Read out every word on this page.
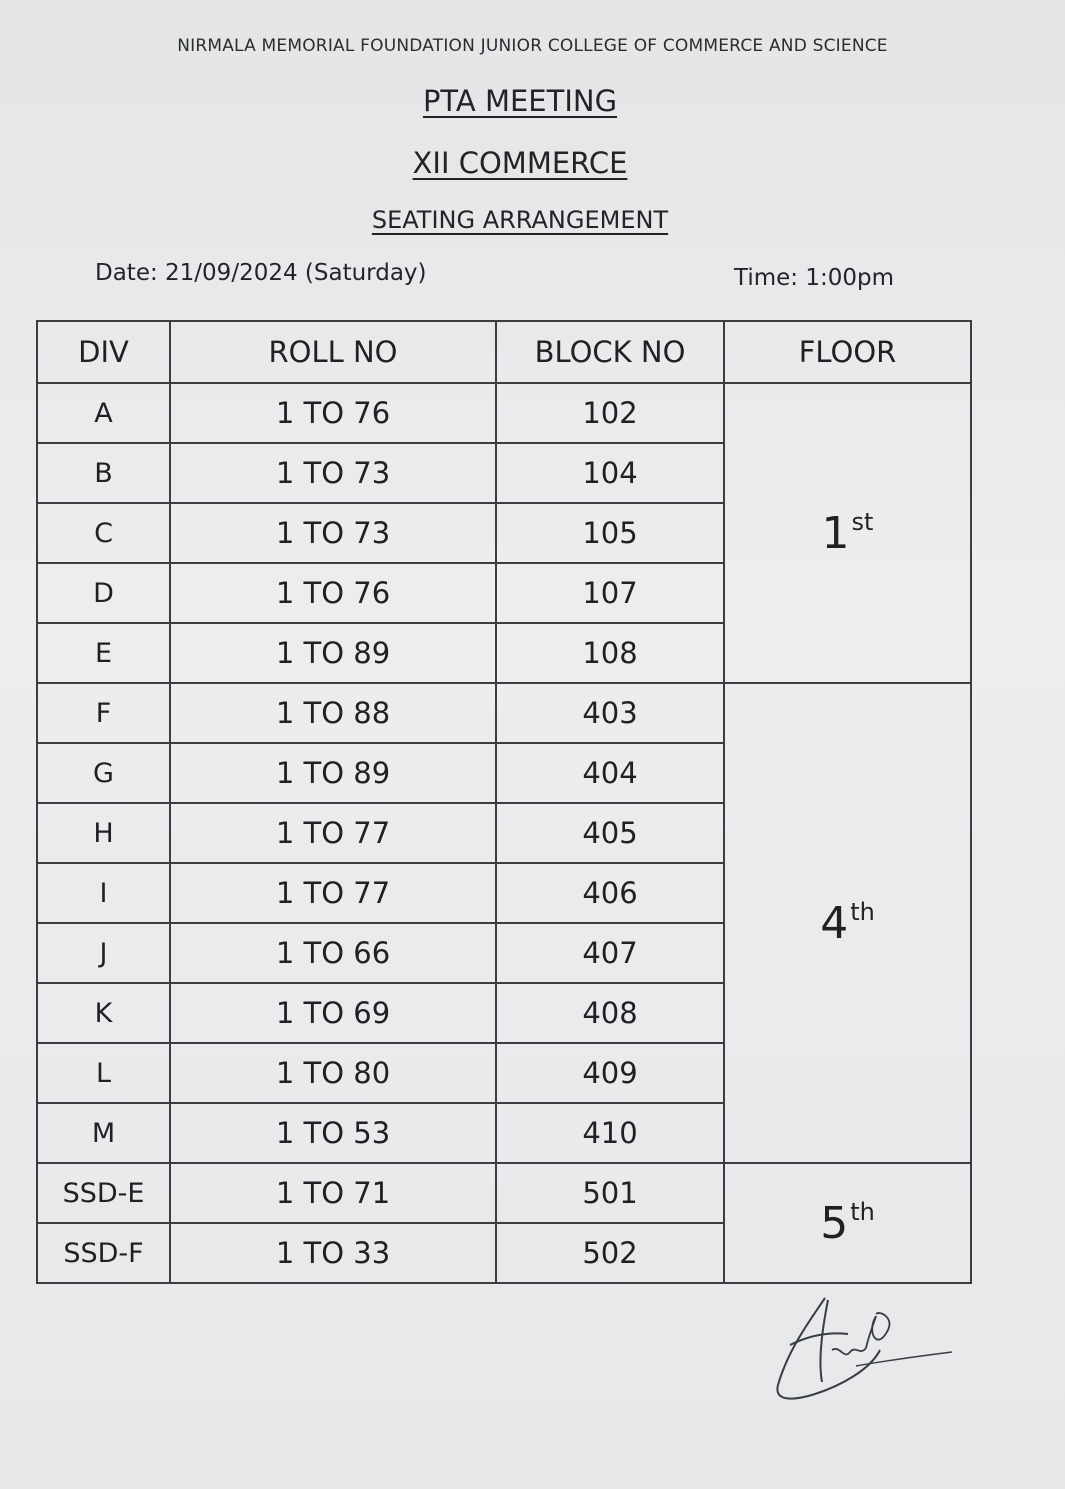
NIRMALA MEMORIAL FOUNDATION JUNIOR COLLEGE OF COMMERCE AND SCIENCE
PTA MEETING
XII COMMERCE
SEATING ARRANGEMENT
Date: 21/09/2024 (Saturday)	Time: 1:00pm
DIV	ROLL NO	BLOCK NO	FLOOR
A	1 TO 76	102	1st
B	1 TO 73	104	
C	1 TO 73	105	
D	1 TO 76	107	
E	1 TO 89	108	
F	1 TO 88	403	4th
G	1 TO 89	404	
H	1 TO 77	405	
I	1 TO 77	406	
J	1 TO 66	407	
K	1 TO 69	408	
L	1 TO 80	409	
M	1 TO 53	410	
SSD-E	1 TO 71	501	5th
SSD-F	1 TO 33	502	
